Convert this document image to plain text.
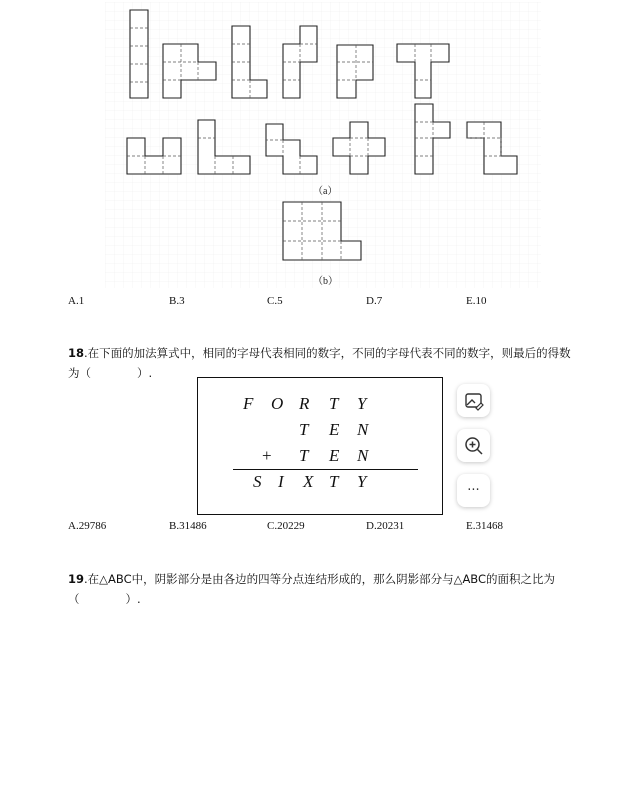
（a）
（b）
A.1	B.3	C.5	D.7	E.10
18.在下面的加法算式中，相同的字母代表相同的数字，不同的字母代表不同的数字，则最后的得数
为（　　　　）.
F O R T Y
T E N
+ T E N
S I X T Y	···
A.29786	B.31486	C.20229	D.20231	E.31468
19.在△ABC中，阴影部分是由各边的四等分点连结形成的，那么阴影部分与△ABC的面积之比为
（　　　　）.
